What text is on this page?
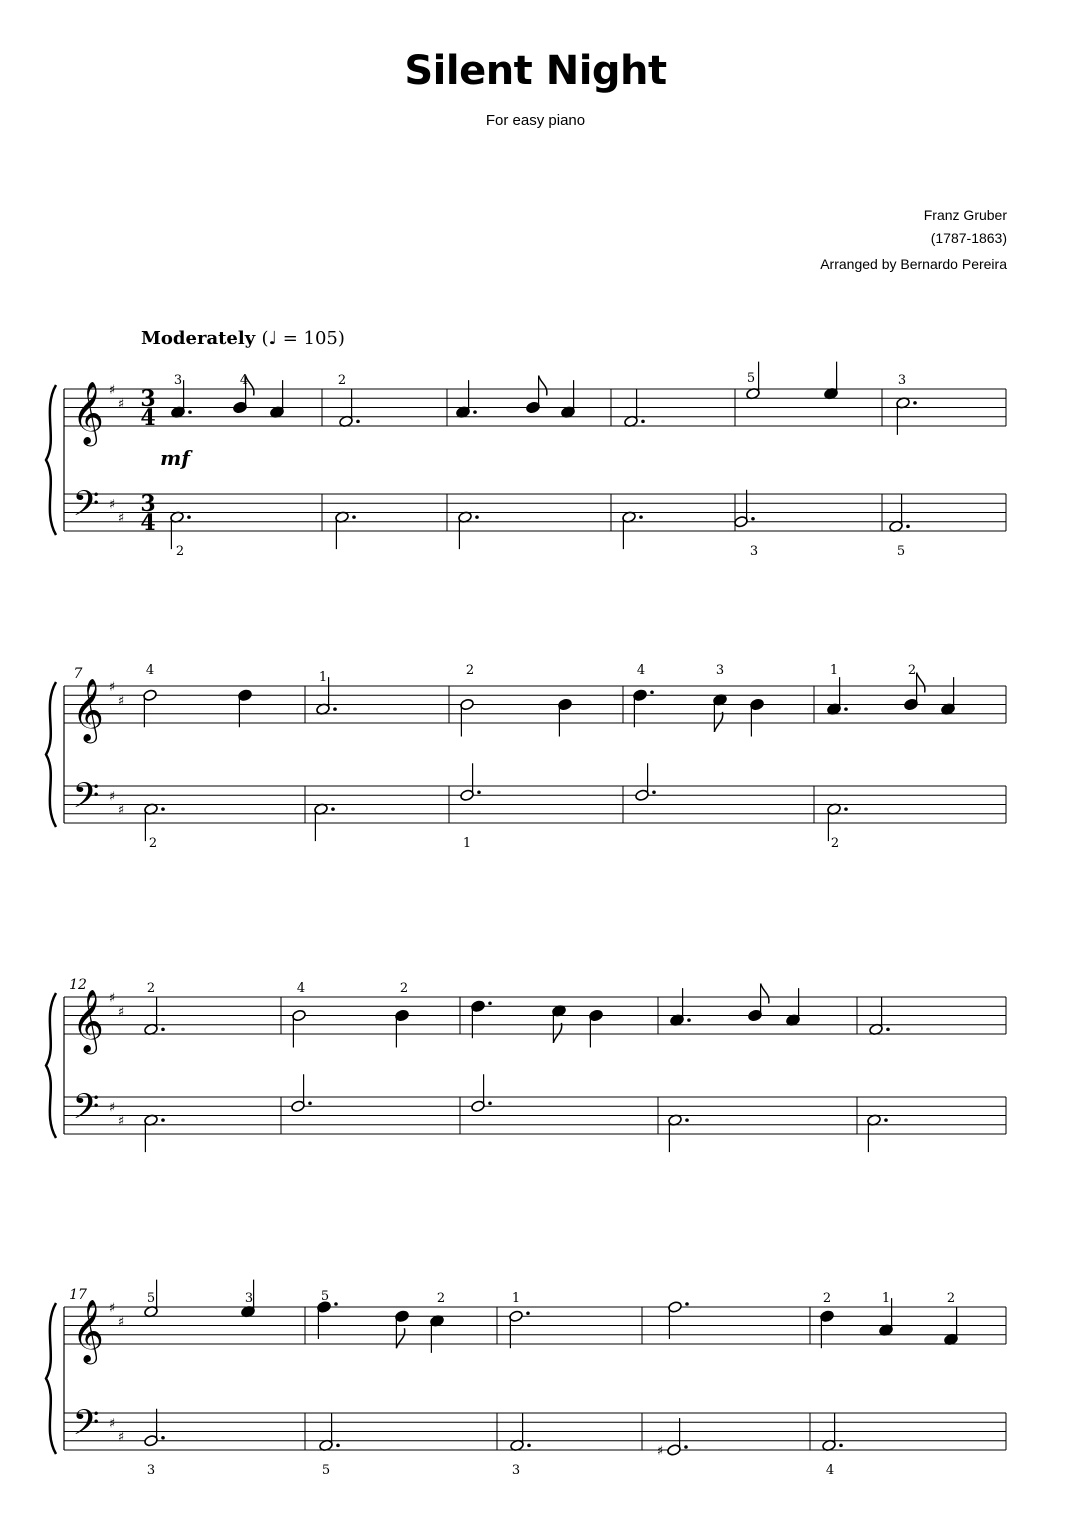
Silent Night
For easy piano
Franz Gruber
(1787-1863)
Arranged by Bernardo Pereira
Moderately (♩ = 105)
𝄞
𝄢
♯
♯
♯
♯
3
4
3
4
mf
3	4	2	5	3
2	3	5
𝄞
𝄢
♯
♯
♯
♯
7	4	1	2	4	3	1	2
2	1	2
𝄞
𝄢
♯
♯
♯
♯
12	2	4	2
𝄞
𝄢
♯
♯
♯
♯
17
♯
5	3	5	2	1	2	1	2
3	5	3	4
